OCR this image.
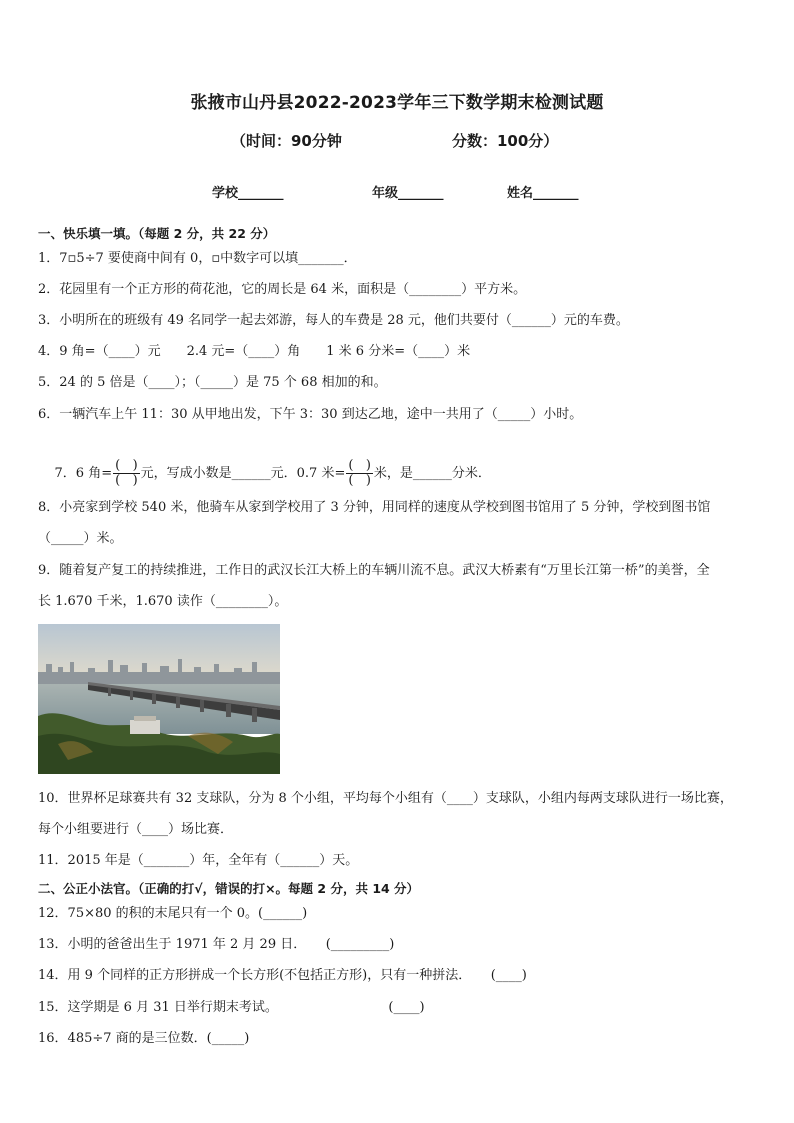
张掖市山丹县2022-2023学年三下数学期末检测试题
（时间：90分钟	分数：100分）
学校_______	年级_______	姓名_______
一、快乐填一填。（每题 2 分，共 22 分）
1．7▫5÷7 要使商中间有 0，▫中数字可以填_______．
2．花园里有一个正方形的荷花池，它的周长是 64 米，面积是（________）平方米。
3．小明所在的班级有 49 名同学一起去郊游，每人的车费是 28 元，他们共要付（______）元的车费。
4．9 角=（____）元　　2.4 元=（____）角　　1 米 6 分米=（____）米
5．24 的 5 倍是（____）；（_____）是 75 个 68 相加的和。
6．一辆汽车上午 11：30 从甲地出发，下午 3：30 到达乙地，途中一共用了（_____）小时。

7．6 角= $\frac{( )}{( )}$ 元，写成小数是______元．0.7 米= $\frac{( )}{( )}$ 米，是______分米．

8．小亮家到学校 540 米，他骑车从家到学校用了 3 分钟，用同样的速度从学校到图书馆用了 5 分钟，学校到图书馆
（_____）米。
9．随着复产复工的持续推进，工作日的武汉长江大桥上的车辆川流不息。武汉大桥素有“万里长江第一桥”的美誉，全
长 1.670 千米，1.670 读作（________）。
10．世界杯足球赛共有 32 支球队，分为 8 个小组，平均每个小组有（____）支球队，小组内每两支球队进行一场比赛，
每个小组要进行（____）场比赛．
11．2015 年是（_______）年，全年有（______）天。
二、公正小法官。（正确的打√，错误的打×。每题 2 分，共 14 分）
12．75×80 的积的末尾只有一个 0。(______)
13．小明的爸爸出生于 1971 年 2 月 29 日．　　(_________)
14．用 9 个同样的正方形拼成一个长方形(不包括正方形)，只有一种拼法．　　(____)
15．这学期是 6 月 31 日举行期末考试。　　　　　　　　　(____)
16．485÷7 商的是三位数．(_____)
